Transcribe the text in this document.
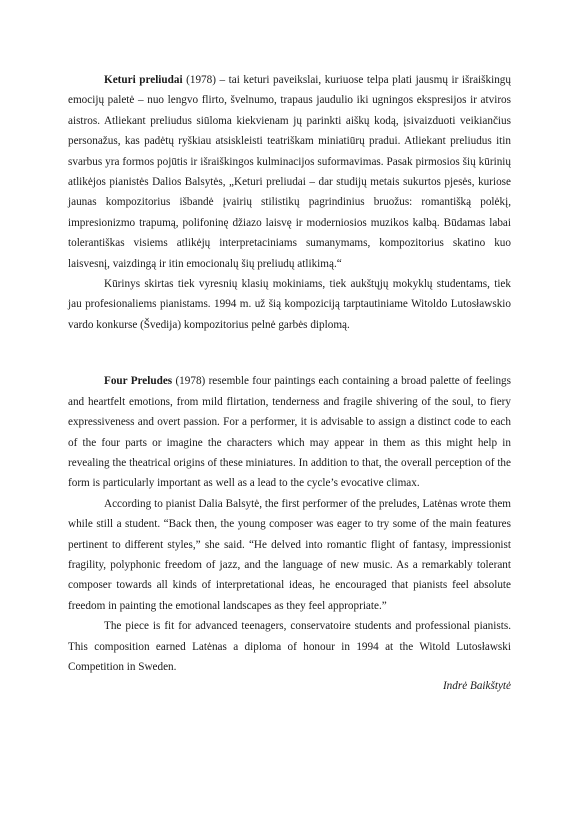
Keturi preliudai (1978) – tai keturi paveikslai, kuriuose telpa plati jausmų ir išraiškingų emocijų paletė – nuo lengvo flirto, švelnumo, trapaus jaudulio iki ugningos ekspresijos ir atviros aistros. Atliekant preliudus siūloma kiekvienam jų parinkti aiškų kodą, įsivaizduoti veikiančius personažus, kas padėtų ryškiau atsiskleisti teatriškam miniatiūrų pradui. Atliekant preliudus itin svarbus yra formos pojūtis ir išraiškingos kulminacijos suformavimas. Pasak pirmosios šių kūrinių atlikėjos pianistės Dalios Balsytės, „Keturi preliudai – dar studijų metais sukurtos pjesės, kuriose jaunas kompozitorius išbandė įvairių stilistikų pagrindinius bruožus: romantišką polėkį, impresionizmo trapumą, polifoninę džiazo laisvę ir moderniosios muzikos kalbą. Būdamas labai tolerantiškas visiems atlikėjų interpretaciniams sumanymams, kompozitorius skatino kuo laisvesnį, vaizdingą ir itin emocionalų šių preliudų atlikimą.“

Kūrinys skirtas tiek vyresnių klasių mokiniams, tiek aukštųjų mokyklų studentams, tiek jau profesionaliems pianistams. 1994 m. už šią kompoziciją tarptautiniame Witoldo Lutosławskio vardo konkurse (Švedija) kompozitorius pelnė garbės diplomą.

Four Preludes (1978) resemble four paintings each containing a broad palette of feelings and heartfelt emotions, from mild flirtation, tenderness and fragile shivering of the soul, to fiery expressiveness and overt passion. For a performer, it is advisable to assign a distinct code to each of the four parts or imagine the characters which may appear in them as this might help in revealing the theatrical origins of these miniatures. In addition to that, the overall perception of the form is particularly important as well as a lead to the cycle’s evocative climax.

According to pianist Dalia Balsytė, the first performer of the preludes, Latėnas wrote them while still a student. “Back then, the young composer was eager to try some of the main features pertinent to different styles,” she said. “He delved into romantic flight of fantasy, impressionist fragility, polyphonic freedom of jazz, and the language of new music. As a remarkably tolerant composer towards all kinds of interpretational ideas, he encouraged that pianists feel absolute freedom in painting the emotional landscapes as they feel appropriate.”

The piece is fit for advanced teenagers, conservatoire students and professional pianists. This composition earned Latėnas a diploma of honour in 1994 at the Witold Lutosławski Competition in Sweden.

Indrė Baikštytė
